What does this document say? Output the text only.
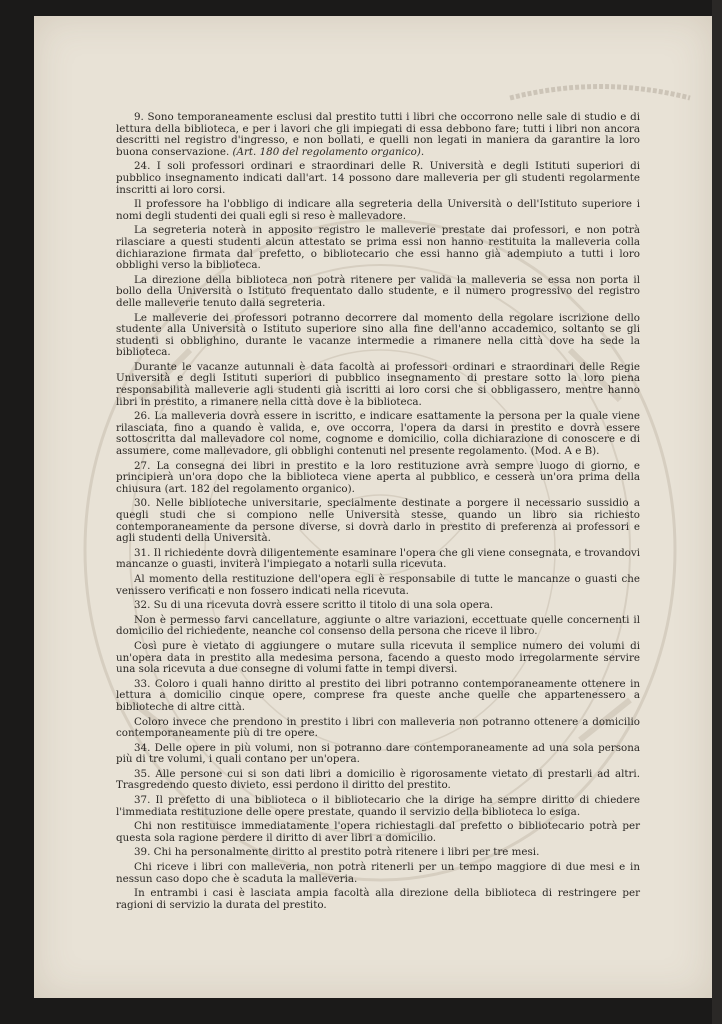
9. Sono temporaneamente esclusi dal prestito tutti i libri che occorrono nelle sale di studio e di lettura della biblioteca, e per i lavori che gli impiegati di essa debbono fare; tutti i libri non ancora descritti nel registro d'ingresso, e non bollati, e quelli non legati in maniera da garantire la loro buona conservazione. (Art. 180 del regolamento organico).

24. I soli professori ordinari e straordinari delle R. Università e degli Istituti superiori di pubblico insegnamento indicati dall'art. 14 possono dare malleveria per gli studenti regolarmente inscritti ai loro corsi.

Il professore ha l'obbligo di indicare alla segreteria della Università o dell'Istituto superiore i nomi degli studenti dei quali egli si reso è mallevadore.

La segreteria noterà in apposito registro le malleverie prestate dai professori, e non potrà rilasciare a questi studenti alcun attestato se prima essi non hanno restituita la malleveria colla dichiarazione firmata dal prefetto, o bibliotecario che essi hanno già adempiuto a tutti i loro obblighi verso la biblioteca.

La direzione della biblioteca non potrà ritenere per valida la malleveria se essa non porta il bollo della Università o Istituto frequentato dallo studente, e il numero progressivo del registro delle malleverie tenuto dalla segreteria.

Le malleverie dei professori potranno decorrere dal momento della regolare iscrizione dello studente alla Università o Istituto superiore sino alla fine dell'anno accademico, soltanto se gli studenti si obblighino, durante le vacanze intermedie a rimanere nella città dove ha sede la biblioteca.

Durante le vacanze autunnali è data facoltà ai professori ordinari e straordinari delle Regie Università e degli Istituti superiori di pubblico insegnamento di prestare sotto la loro piena responsabilità malleverie agli studenti già iscritti ai loro corsi che si obbligassero, mentre hanno libri in prestito, a rimanere nella città dove è la biblioteca.

26. La malleveria dovrà essere in iscritto, e indicare esattamente la persona per la quale viene rilasciata, fino a quando è valida, e, ove occorra, l'opera da darsi in prestito e dovrà essere sottoscritta dal mallevadore col nome, cognome e domicilio, colla dichiarazione di conoscere e di assumere, come mallevadore, gli obblighi contenuti nel presente regolamento. (Mod. A e B).

27. La consegna dei libri in prestito e la loro restituzione avrà sempre luogo di giorno, e principierà un'ora dopo che la biblioteca viene aperta al pubblico, e cesserà un'ora prima della chiusura (art. 182 del regolamento organico).

30. Nelle biblioteche universitarie, specialmente destinate a porgere il necessario sussidio a quegli studi che si compiono nelle Università stesse, quando un libro sia richiesto contemporaneamente da persone diverse, si dovrà darlo in prestito di preferenza ai professori e agli studenti della Università.

31. Il richiedente dovrà diligentemente esaminare l'opera che gli viene consegnata, e trovandovi mancanze o guasti, inviterà l'impiegato a notarli sulla ricevuta.

Al momento della restituzione dell'opera egli è responsabile di tutte le mancanze o guasti che venissero verificati e non fossero indicati nella ricevuta.

32. Su di una ricevuta dovrà essere scritto il titolo di una sola opera.

Non è permesso farvi cancellature, aggiunte o altre variazioni, eccettuate quelle concernenti il domicilio del richiedente, neanche col consenso della persona che riceve il libro.

Così pure è vietato di aggiungere o mutare sulla ricevuta il semplice numero dei volumi di un'opera data in prestito alla medesima persona, facendo a questo modo irregolarmente servire una sola ricevuta a due consegne di volumi fatte in tempi diversi.

33. Coloro i quali hanno diritto al prestito dei libri potranno contemporaneamente ottenere in lettura a domicilio cinque opere, comprese fra queste anche quelle che appartenessero a biblioteche di altre città.

Coloro invece che prendono in prestito i libri con malleveria non potranno ottenere a domicilio contemporaneamente più di tre opere.

34. Delle opere in più volumi, non si potranno dare contemporaneamente ad una sola persona più di tre volumi, i quali contano per un'opera.

35. Alle persone cui si son dati libri a domicilio è rigorosamente vietato di prestarli ad altri. Trasgredendo questo divieto, essi perdono il diritto del prestito.

37. Il prefetto di una biblioteca o il bibliotecario che la dirige ha sempre diritto di chiedere l'immediata restituzione delle opere prestate, quando il servizio della biblioteca lo esiga.

Chi non restituisce immediatamente l'opera richiestagli dal prefetto o bibliotecario potrà per questa sola ragione perdere il diritto di aver libri a domicilio.

39. Chi ha personalmente diritto al prestito potrà ritenere i libri per tre mesi.

Chi riceve i libri con malleveria, non potrà ritenerli per un tempo maggiore di due mesi e in nessun caso dopo che è scaduta la malleveria.

In entrambi i casi è lasciata ampia facoltà alla direzione della biblioteca di restringere per ragioni di servizio la durata del prestito.
